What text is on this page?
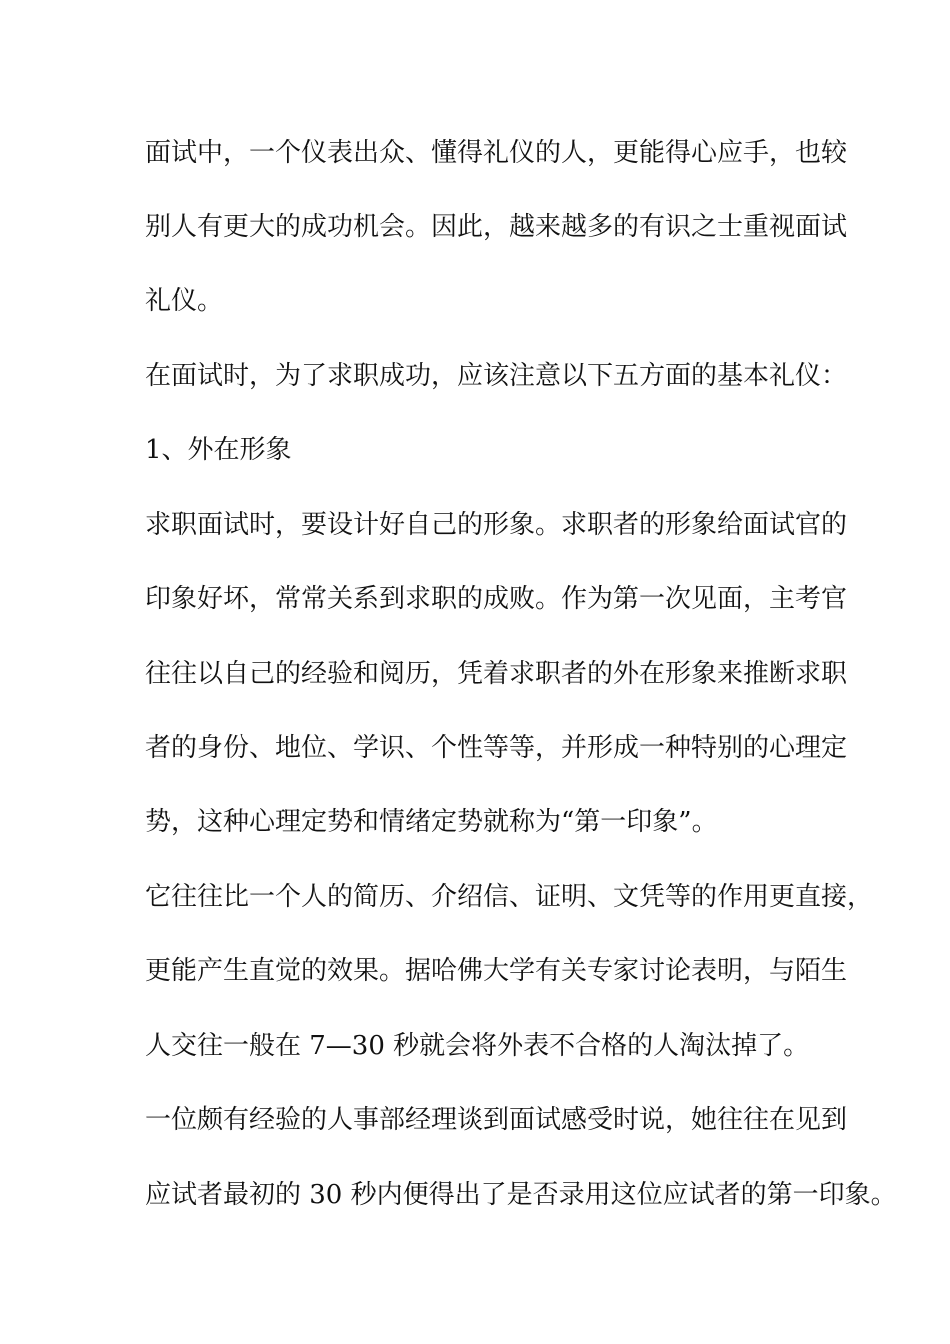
面试中，一个仪表出众、懂得礼仪的人，更能得心应手，也较
别人有更大的成功机会。因此，越来越多的有识之士重视面试
礼仪。
在面试时，为了求职成功，应该注意以下五方面的基本礼仪：
1、外在形象
求职面试时，要设计好自己的形象。求职者的形象给面试官的
印象好坏，常常关系到求职的成败。作为第一次见面，主考官
往往以自己的经验和阅历，凭着求职者的外在形象来推断求职
者的身份、地位、学识、个性等等，并形成一种特别的心理定
势，这种心理定势和情绪定势就称为“第一印象”。
它往往比一个人的简历、介绍信、证明、文凭等的作用更直接，
更能产生直觉的效果。据哈佛大学有关专家讨论表明，与陌生
人交往一般在 7—30 秒就会将外表不合格的人淘汰掉了。
一位颇有经验的人事部经理谈到面试感受时说，她往往在见到
应试者最初的 30 秒内便得出了是否录用这位应试者的第一印象。
